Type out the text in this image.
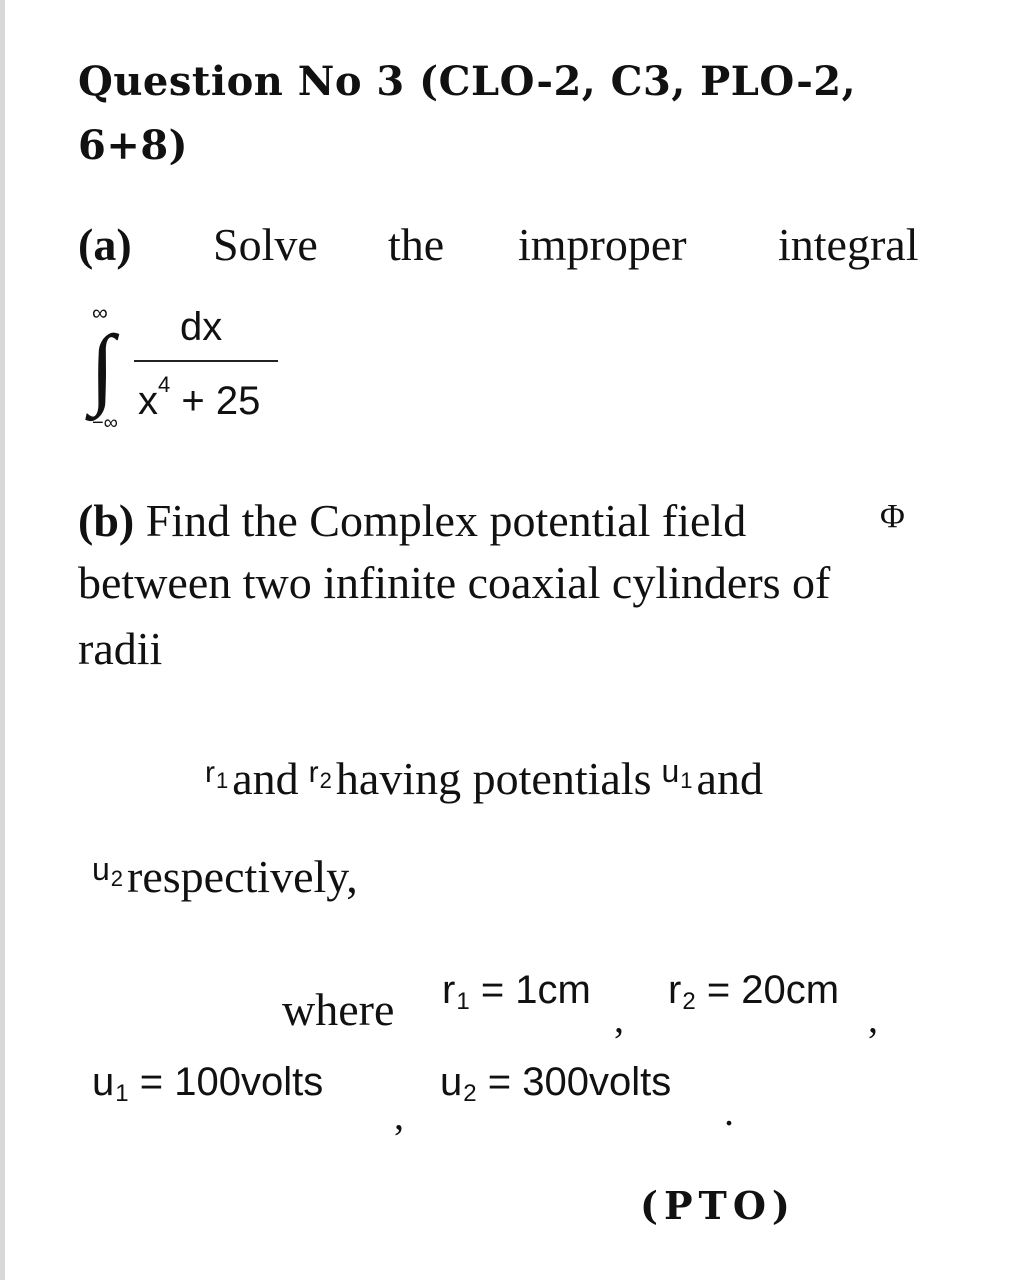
Question No 3 (CLO-2, C3, PLO-2,
6+8)
(a) Solve the improper integral
∞
∫
−∞
dx
$x^4 + 25$
(b) Find the Complex potential field	Φ
between two infinite coaxial cylinders of
radii
$r_1$ and $r_2$ having potentials u1 and
u2 respectively,
where $r_1 = 1cm$
,
$r_2 = 20cm$
,
$u_1$ = 100volts
,
$u_2$ = 300volts
.
(PTO)
